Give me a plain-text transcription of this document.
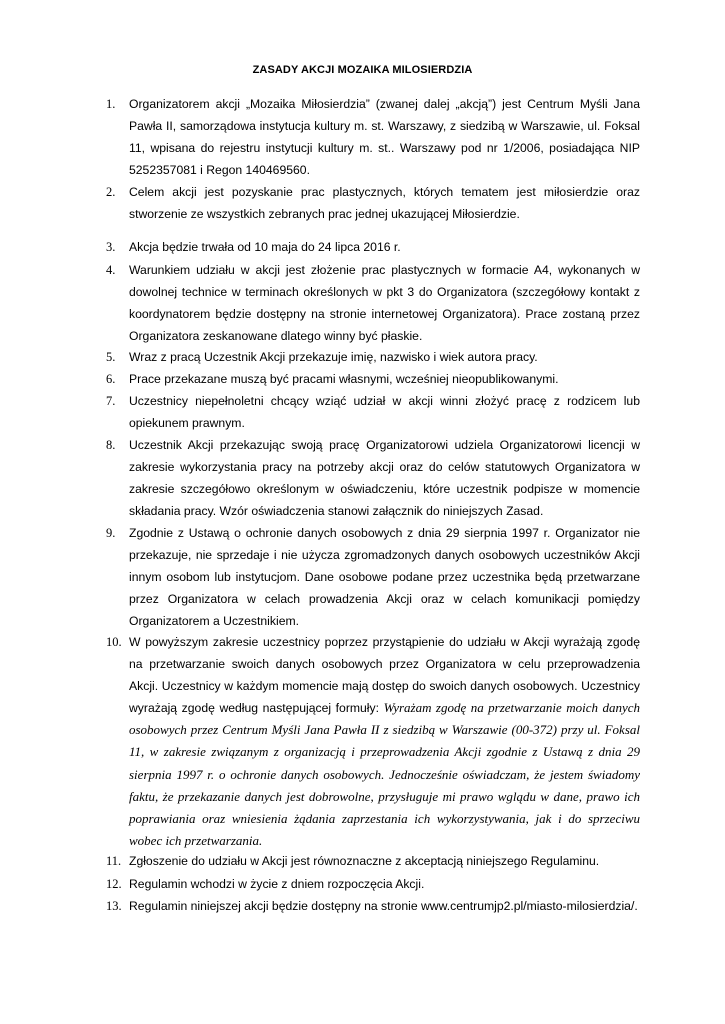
ZASADY AKCJI MOZAIKA MILOSIERDZIA
1. Organizatorem akcji „Mozaika Miłosierdzia” (zwanej dalej „akcją”) jest Centrum Myśli Jana Pawła II, samorządowa instytucja kultury m. st. Warszawy, z siedzibą w Warszawie, ul. Foksal 11, wpisana do rejestru instytucji kultury m. st.. Warszawy pod nr 1/2006, posiadająca NIP 5252357081 i Regon 140469560.
2. Celem akcji jest pozyskanie prac plastycznych, których tematem jest miłosierdzie oraz stworzenie ze wszystkich zebranych prac jednej ukazującej Miłosierdzie.
3. Akcja będzie trwała od 10 maja do 24 lipca 2016 r.
4. Warunkiem udziału w akcji jest złożenie prac plastycznych w formacie A4, wykonanych w dowolnej technice w terminach określonych w pkt 3 do Organizatora (szczegółowy kontakt z koordynatorem będzie dostępny na stronie internetowej Organizatora). Prace zostaną przez Organizatora zeskanowane dlatego winny być płaskie.
5. Wraz z pracą Uczestnik Akcji przekazuje imię, nazwisko i wiek autora pracy.
6. Prace przekazane muszą być pracami własnymi, wcześniej nieopublikowanymi.
7. Uczestnicy niepełnoletni chcący wziąć udział w akcji winni złożyć pracę z rodzicem lub opiekunem prawnym.
8. Uczestnik Akcji przekazując swoją pracę Organizatorowi udziela Organizatorowi licencji w zakresie wykorzystania pracy na potrzeby akcji oraz do celów statutowych Organizatora w zakresie szczegółowo określonym w oświadczeniu, które uczestnik podpisze w momencie składania pracy. Wzór oświadczenia stanowi załącznik do niniejszych Zasad.
9. Zgodnie z Ustawą o ochronie danych osobowych z dnia 29 sierpnia 1997 r. Organizator nie przekazuje, nie sprzedaje i nie użycza zgromadzonych danych osobowych uczestników Akcji innym osobom lub instytucjom. Dane osobowe podane przez uczestnika będą przetwarzane przez Organizatora w celach prowadzenia Akcji oraz w celach komunikacji pomiędzy Organizatorem a Uczestnikiem.
10. W powyższym zakresie uczestnicy poprzez przystąpienie do udziału w Akcji wyrażają zgodę na przetwarzanie swoich danych osobowych przez Organizatora w celu przeprowadzenia Akcji. Uczestnicy w każdym momencie mają dostęp do swoich danych osobowych. Uczestnicy wyrażają zgodę według następującej formuły: Wyrażam zgodę na przetwarzanie moich danych osobowych przez Centrum Myśli Jana Pawła II z siedzibą w Warszawie (00-372) przy ul. Foksal 11, w zakresie związanym z organizacją i przeprowadzenia Akcji zgodnie z Ustawą z dnia 29 sierpnia 1997 r. o ochronie danych osobowych. Jednocześnie oświadczam, że jestem świadomy faktu, że przekazanie danych jest dobrowolne, przysługuje mi prawo wglądu w dane, prawo ich poprawiania oraz wniesienia żądania zaprzestania ich wykorzystywania, jak i do sprzeciwu wobec ich przetwarzania.
11. Zgłoszenie do udziału w Akcji jest równoznaczne z akceptacją niniejszego Regulaminu.
12. Regulamin wchodzi w życie z dniem rozpoczęcia Akcji.
13. Regulamin niniejszej akcji będzie dostępny na stronie www.centrumjp2.pl/miasto-milosierdzia/.
